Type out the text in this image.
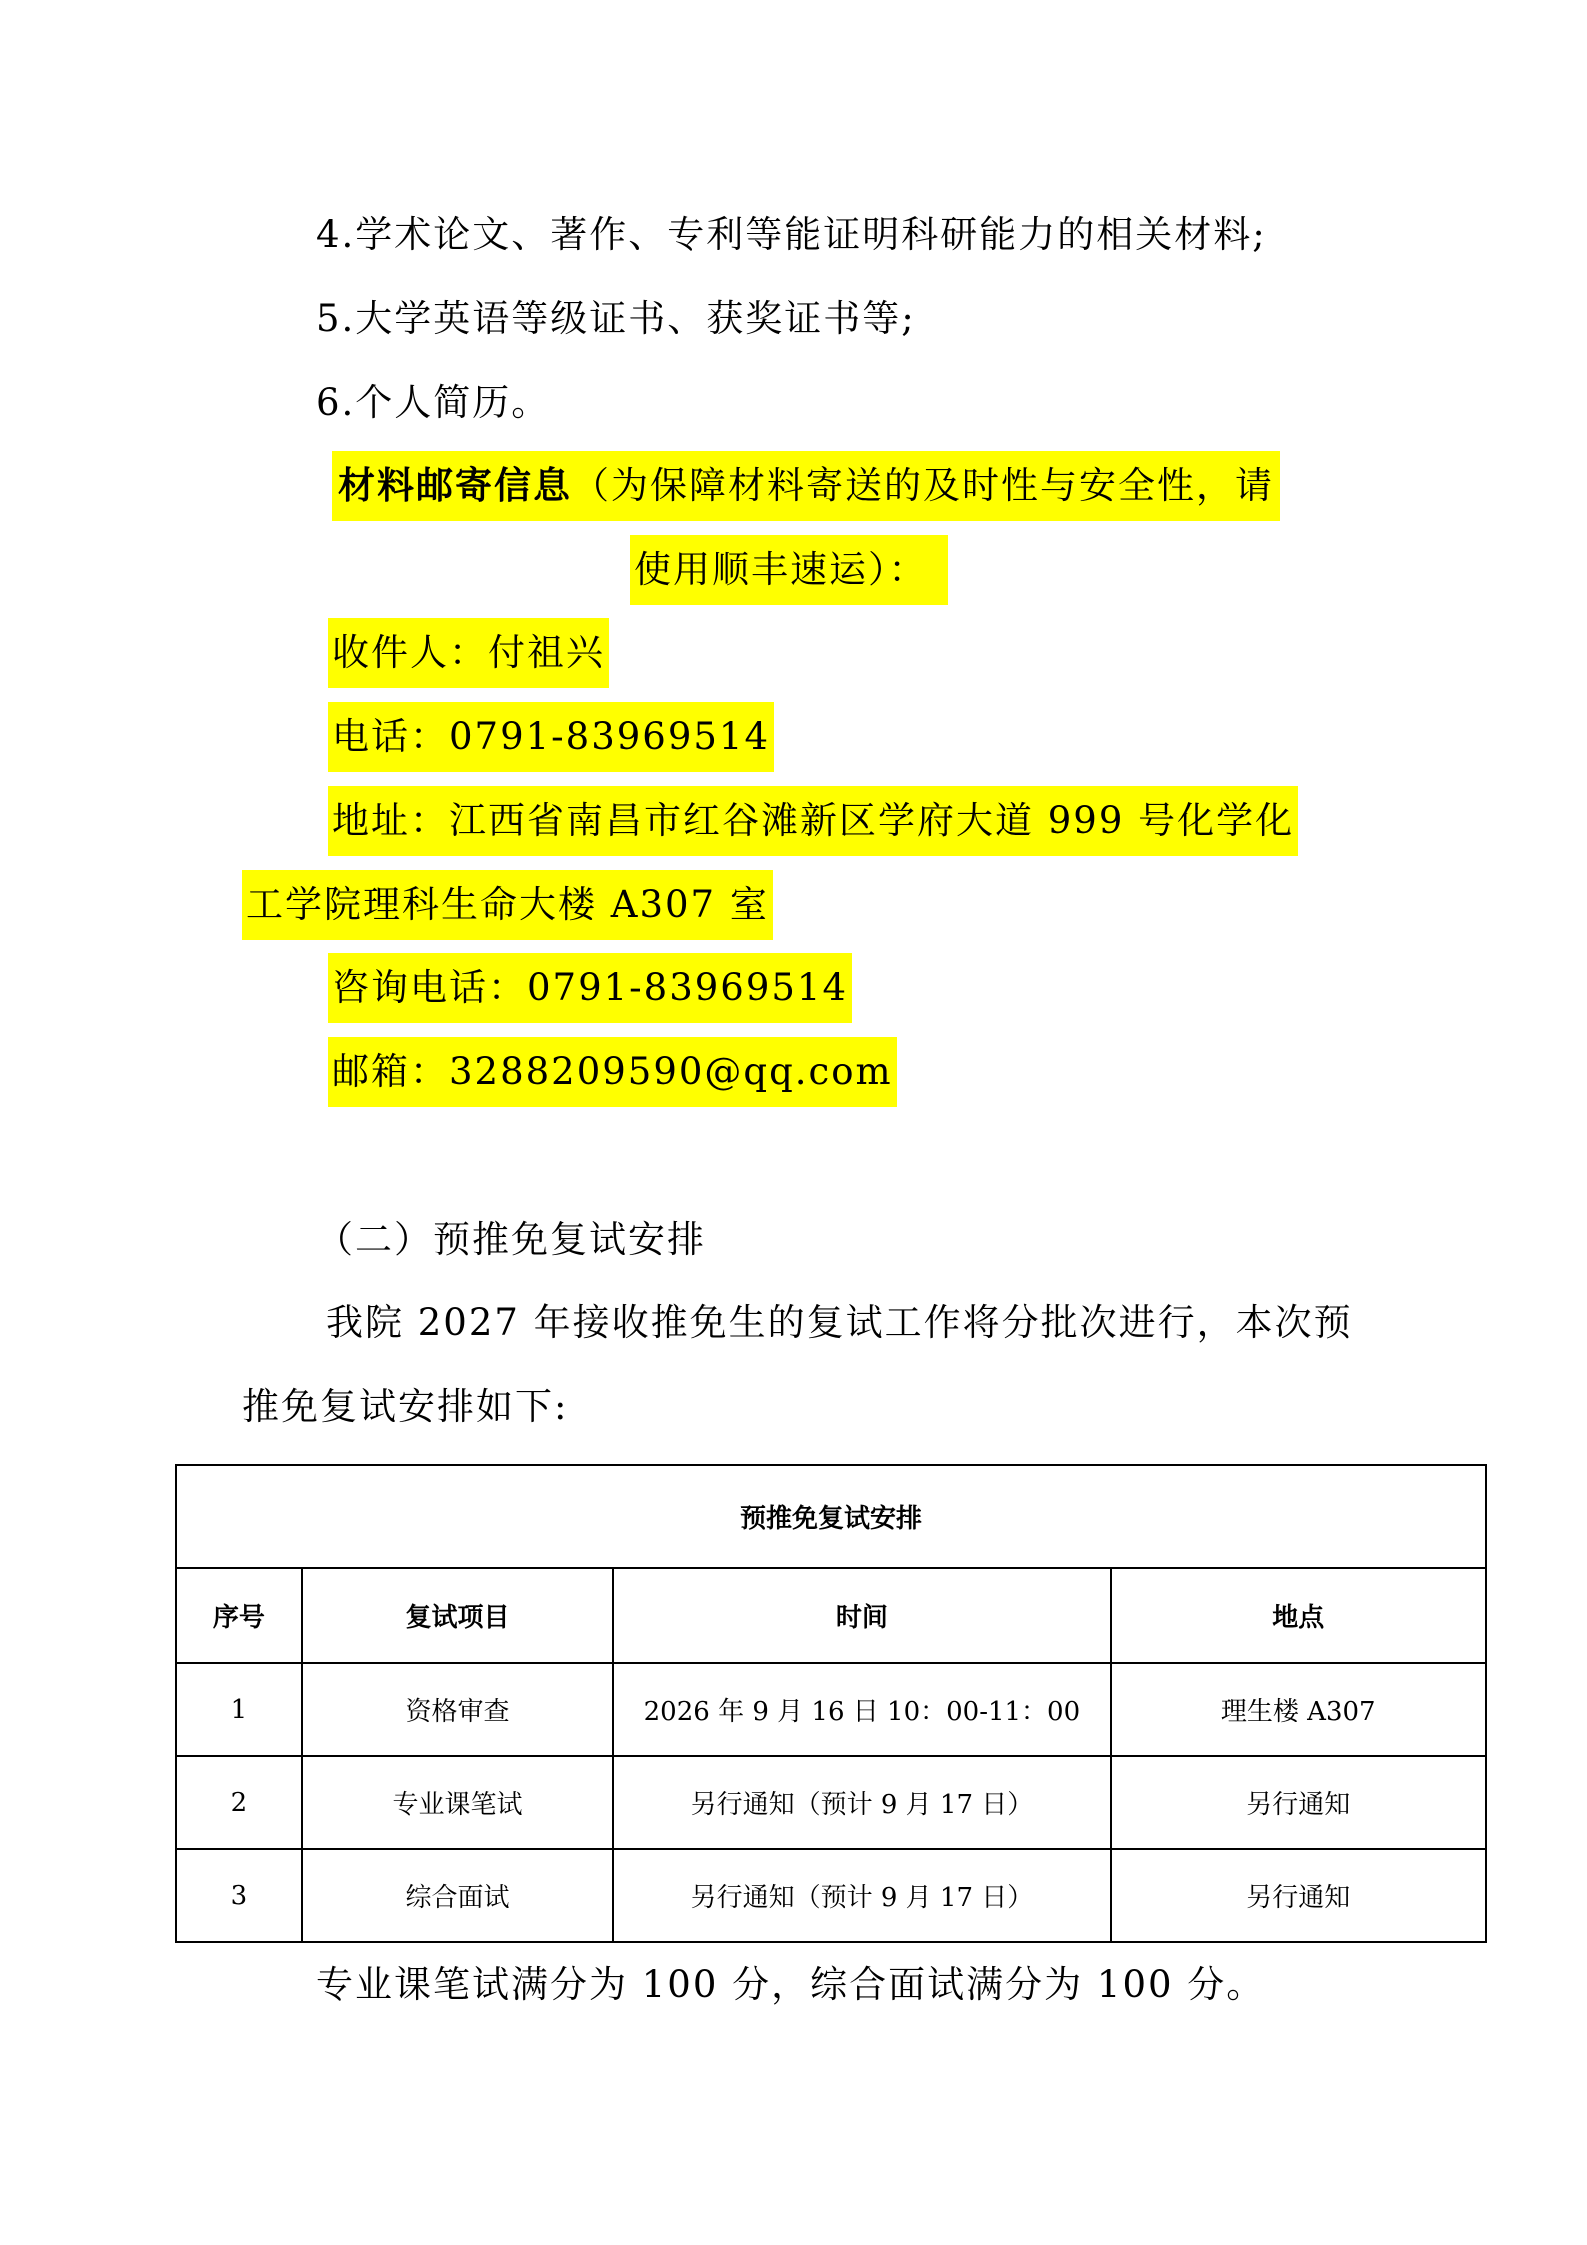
4.学术论文、著作、专利等能证明科研能力的相关材料;
5.大学英语等级证书、获奖证书等;
6.个人简历。
材料邮寄信息（为保障材料寄送的及时性与安全性，请
使用顺丰速运）：
收件人：付祖兴
电话：0791-83969514
地址：江西省南昌市红谷滩新区学府大道 999 号化学化
工学院理科生命大楼 A307 室
咨询电话：0791-83969514
邮箱：3288209590@qq.com
（二）预推免复试安排
我院 2027 年接收推免生的复试工作将分批次进行，本次预
推免复试安排如下:
预推免复试安排			
序号	复试项目	时间	地点
1	资格审查	2026 年 9 月 16 日 10：00-11：00	理生楼 A307
2	专业课笔试	另行通知（预计 9 月 17 日）	另行通知
3	综合面试	另行通知（预计 9 月 17 日）	另行通知
专业课笔试满分为 100 分，综合面试满分为 100 分。
